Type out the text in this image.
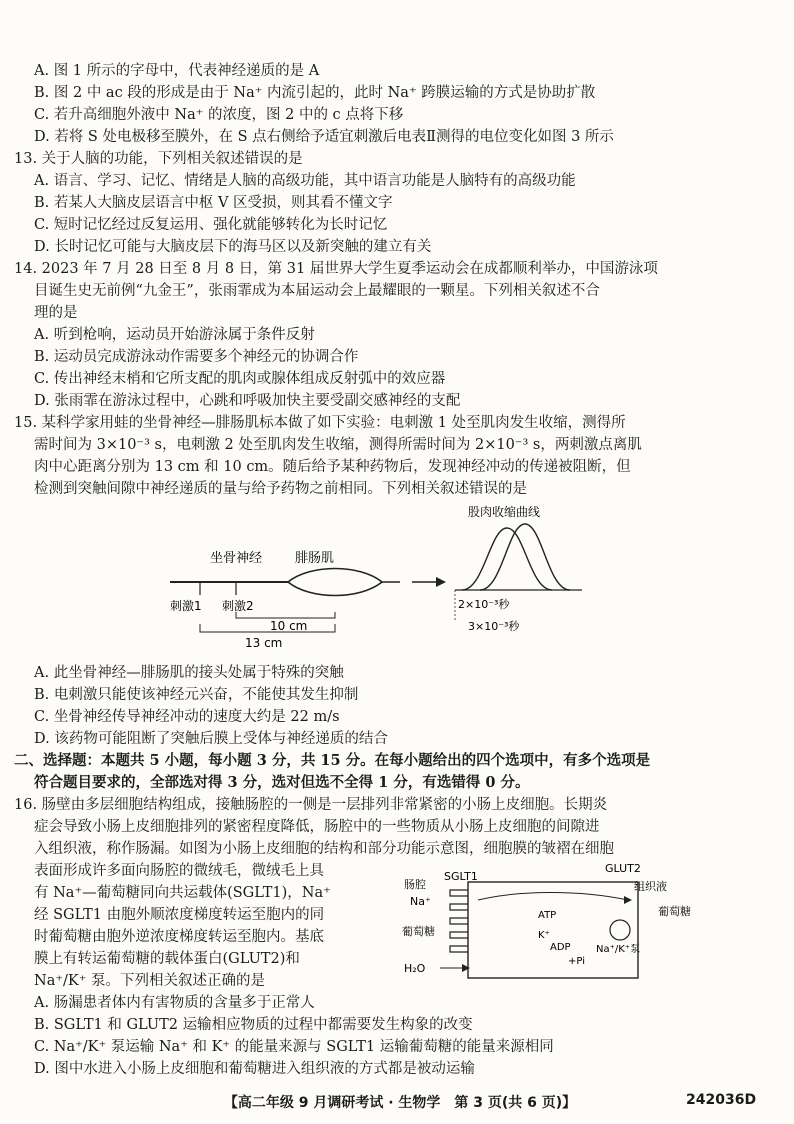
A. 图 1 所示的字母中，代表神经递质的是 A
B. 图 2 中 ac 段的形成是由于 Na⁺ 内流引起的，此时 Na⁺ 跨膜运输的方式是协助扩散
C. 若升高细胞外液中 Na⁺ 的浓度，图 2 中的 c 点将下移
D. 若将 S 处电极移至膜外，在 S 点右侧给予适宜刺激后电表Ⅱ测得的电位变化如图 3 所示
13. 关于人脑的功能，下列相关叙述错误的是
A. 语言、学习、记忆、情绪是人脑的高级功能，其中语言功能是人脑特有的高级功能
B. 若某人大脑皮层语言中枢 V 区受损，则其看不懂文字
C. 短时记忆经过反复运用、强化就能够转化为长时记忆
D. 长时记忆可能与大脑皮层下的海马区以及新突触的建立有关
14. 2023 年 7 月 28 日至 8 月 8 日，第 31 届世界大学生夏季运动会在成都顺利举办，中国游泳项
目诞生史无前例“九金王”，张雨霏成为本届运动会上最耀眼的一颗星。下列相关叙述不合
理的是
A. 听到枪响，运动员开始游泳属于条件反射
B. 运动员完成游泳动作需要多个神经元的协调合作
C. 传出神经末梢和它所支配的肌肉或腺体组成反射弧中的效应器
D. 张雨霏在游泳过程中，心跳和呼吸加快主要受副交感神经的支配
15. 某科学家用蛙的坐骨神经—腓肠肌标本做了如下实验：电刺激 1 处至肌肉发生收缩，测得所
需时间为 3×10⁻³ s，电刺激 2 处至肌肉发生收缩，测得所需时间为 2×10⁻³ s，两刺激点离肌
肉中心距离分别为 13 cm 和 10 cm。随后给予某种药物后，发现神经冲动的传递被阻断，但
检测到突触间隙中神经递质的量与给予药物之前相同。下列相关叙述错误的是
坐骨神经	腓肠肌
刺激1 刺激2
10 cm
13 cm
股肉收缩曲线
2×10⁻³秒
3×10⁻³秒
A. 此坐骨神经—腓肠肌的接头处属于特殊的突触
B. 电刺激只能使该神经元兴奋，不能使其发生抑制
C. 坐骨神经传导神经冲动的速度大约是 22 m/s
D. 该药物可能阻断了突触后膜上受体与神经递质的结合
二、选择题：本题共 5 小题，每小题 3 分，共 15 分。在每小题给出的四个选项中，有多个选项是
符合题目要求的，全部选对得 3 分，选对但选不全得 1 分，有选错得 0 分。
16. 肠壁由多层细胞结构组成，接触肠腔的一侧是一层排列非常紧密的小肠上皮细胞。长期炎
症会导致小肠上皮细胞排列的紧密程度降低，肠腔中的一些物质从小肠上皮细胞的间隙进
入组织液，称作肠漏。如图为小肠上皮细胞的结构和部分功能示意图，细胞膜的皱褶在细胞
表面形成许多面向肠腔的微绒毛，微绒毛上具
有 Na⁺—葡萄糖同向共运载体(SGLT1)，Na⁺
经 SGLT1 由胞外顺浓度梯度转运至胞内的同
时葡萄糖由胞外逆浓度梯度转运至胞内。基底
膜上有转运葡萄糖的载体蛋白(GLUT2)和
Na⁺/K⁺ 泵。下列相关叙述正确的是
肠腔
SGLT1
GLUT2
组织液
Na⁺
葡萄糖
葡萄糖
ATP
K⁺
ADP
+Pi
Na⁺/K⁺泵
H₂O
A. 肠漏患者体内有害物质的含量多于正常人
B. SGLT1 和 GLUT2 运输相应物质的过程中都需要发生构象的改变
C. Na⁺/K⁺ 泵运输 Na⁺ 和 K⁺ 的能量来源与 SGLT1 运输葡萄糖的能量来源相同
D. 图中水进入小肠上皮细胞和葡萄糖进入组织液的方式都是被动运输
【高二年级 9 月调研考试 · 生物学　第 3 页(共 6 页)】	242036D
